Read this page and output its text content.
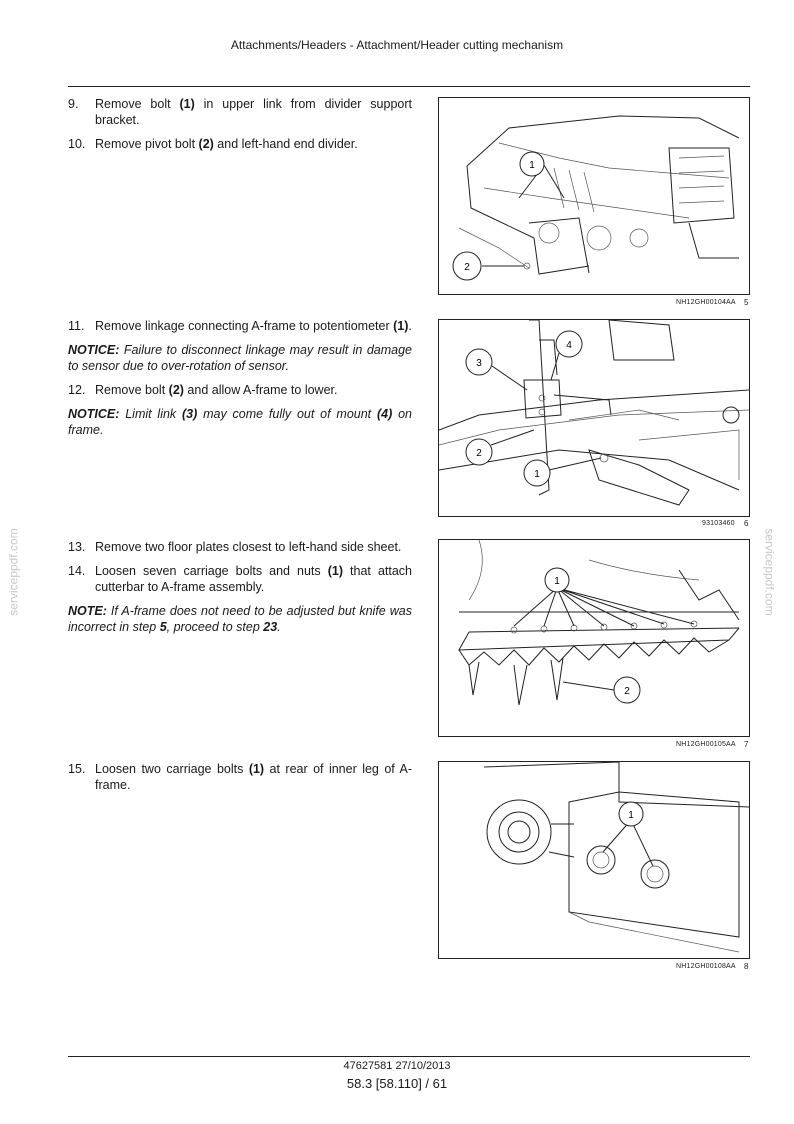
Attachments/Headers - Attachment/Header cutting mechanism
9.	Remove bolt (1) in upper link from divider support bracket.
10. Remove pivot bolt (2) and left-hand end divider.
11. Remove linkage connecting A-frame to potentiometer (1).
NOTICE: Failure to disconnect linkage may result in damage to sensor due to over-rotation of sensor.
12. Remove bolt (2) and allow A-frame to lower.
NOTICE: Limit link (3) may come fully out of mount (4) on frame.
13. Remove two floor plates closest to left-hand side sheet.
14. Loosen seven carriage bolts and nuts (1) that attach cutterbar to A-frame assembly.
NOTE: If A-frame does not need to be adjusted but knife was incorrect in step 5, proceed to step 23.
15. Loosen two carriage bolts (1) at rear of inner leg of A-frame.
1
2
NH12GH00104AA 5
3
4
2
1
93103460 6
1
2
NH12GH00105AA 7
1
NH12GH00108AA 8
serviceppdf.com	serviceppdf.com
47627581 27/10/2013
58.3 [58.110] / 61
